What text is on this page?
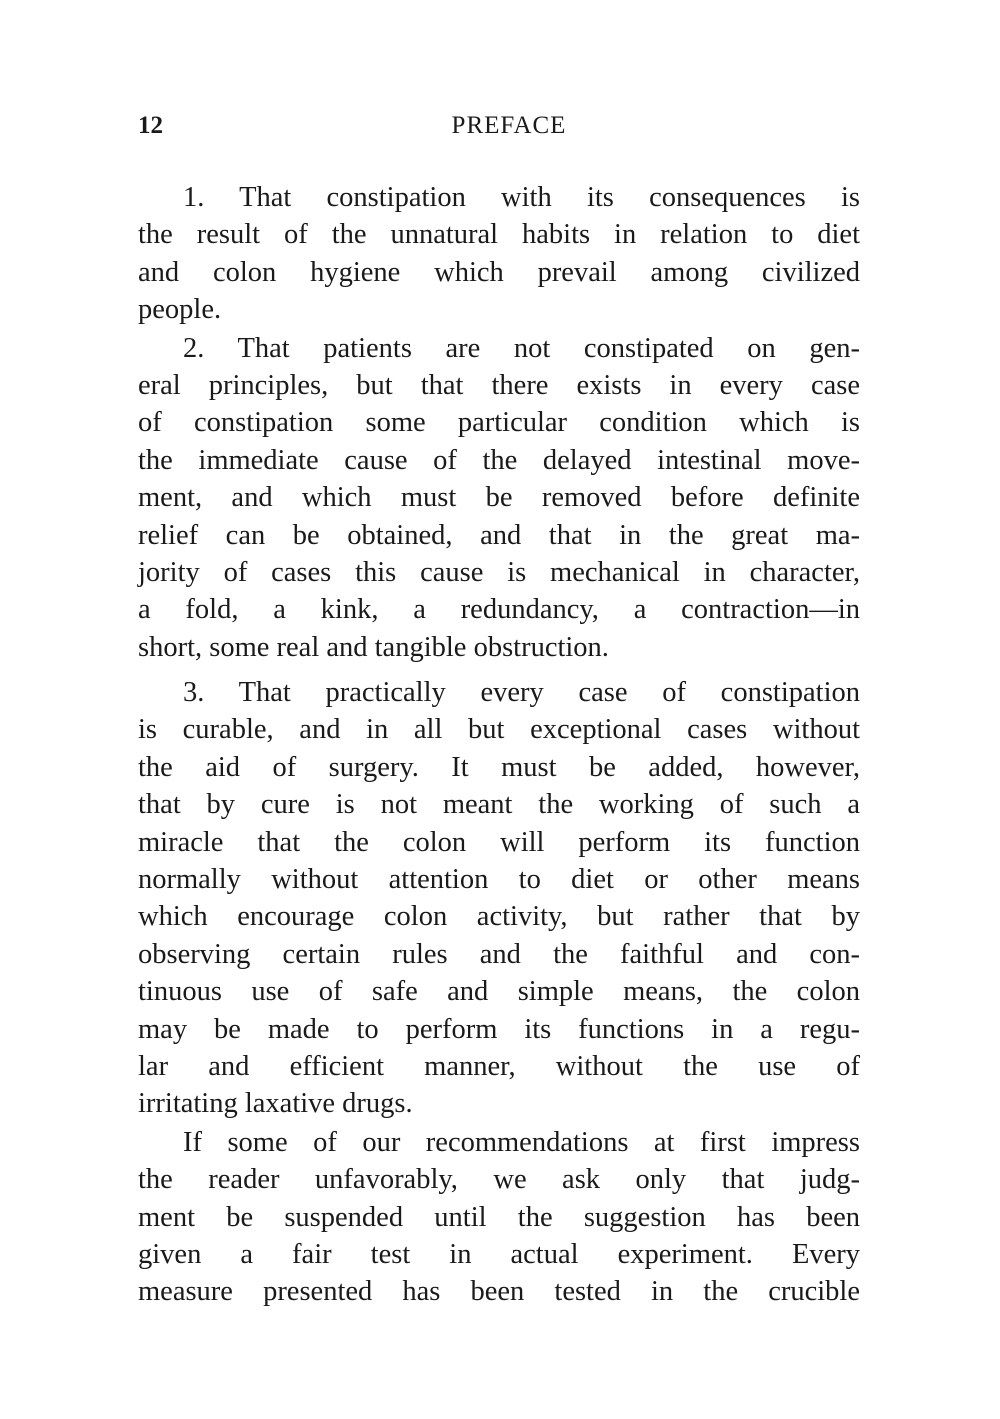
12	PREFACE
1. That constipation with its consequences is
the result of the unnatural habits in relation to diet
and colon hygiene which prevail among civilized
people.
2. That patients are not constipated on gen-
eral principles, but that there exists in every case
of constipation some particular condition which is
the immediate cause of the delayed intestinal move-
ment, and which must be removed before definite
relief can be obtained, and that in the great ma-
jority of cases this cause is mechanical in character,
a fold, a kink, a redundancy, a contraction—in
short, some real and tangible obstruction.
3. That practically every case of constipation
is curable, and in all but exceptional cases without
the aid of surgery. It must be added, however,
that by cure is not meant the working of such a
miracle that the colon will perform its function
normally without attention to diet or other means
which encourage colon activity, but rather that by
observing certain rules and the faithful and con-
tinuous use of safe and simple means, the colon
may be made to perform its functions in a regu-
lar and efficient manner, without the use of
irritating laxative drugs.
If some of our recommendations at first impress
the reader unfavorably, we ask only that judg-
ment be suspended until the suggestion has been
given a fair test in actual experiment. Every
measure presented has been tested in the crucible
